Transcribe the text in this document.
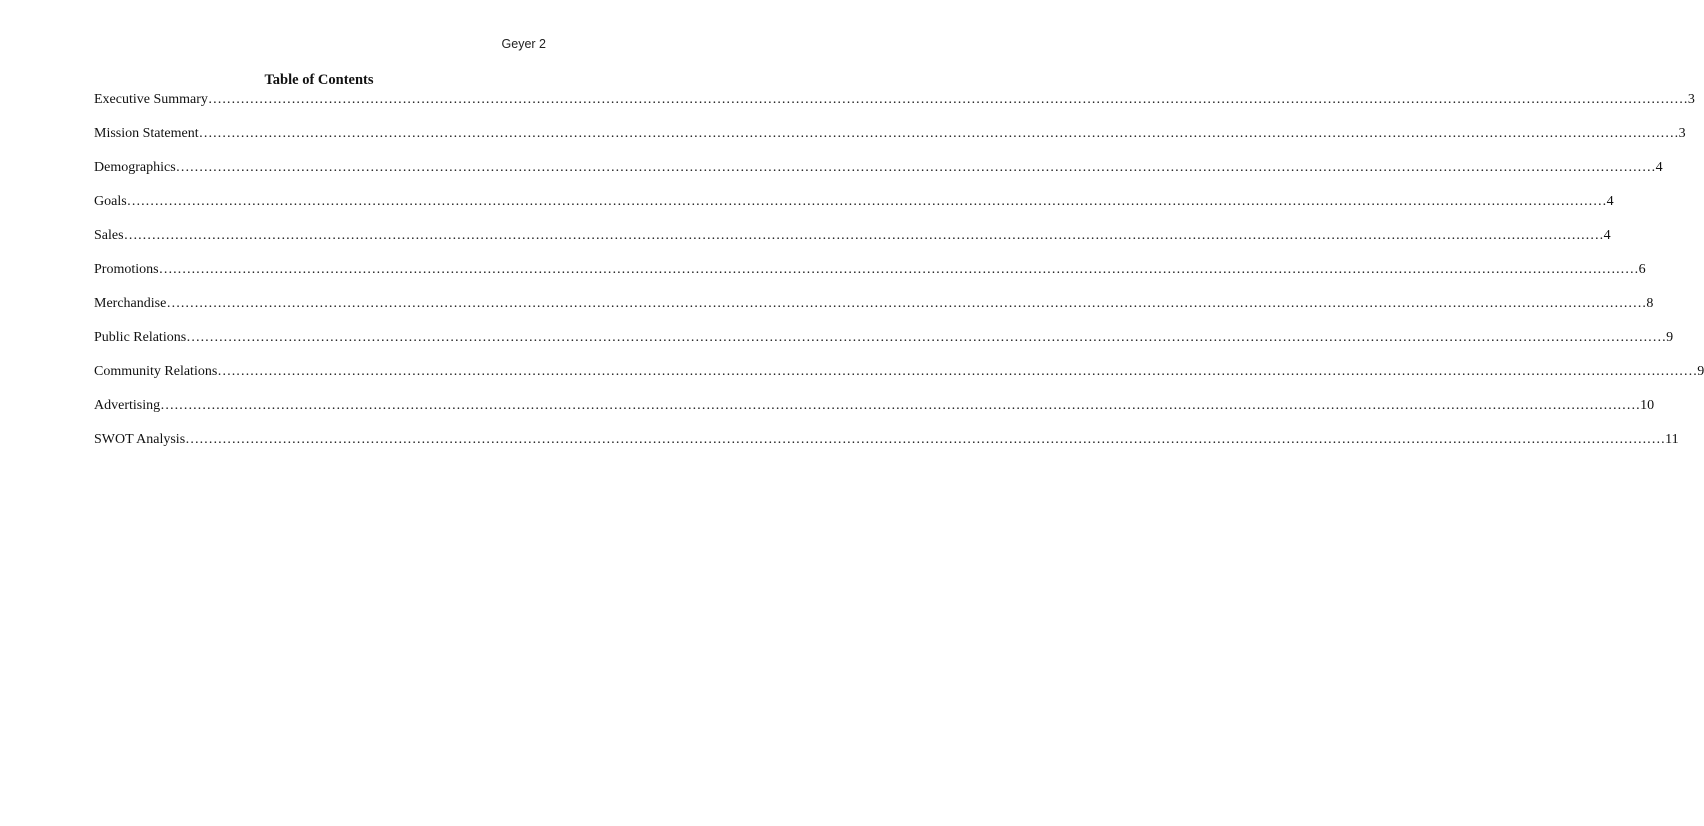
Geyer 2
Table of Contents
Executive Summary ….….….….….….….….….….….….….….….….….….….….….….….….….….….….….….….….….….….….….….….….….….….….….….….….….….….….….….….….….….….….….….….….….….….….….….….….….….….….….….….…. 3
Mission Statement ….….….….….….….….….….….….….….….….….….….….….….….….….….….….….….….….….….….….….….….….….….….….….….….….….….….….….….….….….….….….….….….….….….….….….….….….….….….….….….….…. 3
Demographics ….….….….….….….….….….….….….….….….….….….….….….….….….….….….….….….….….….….….….….….….….….….….….….….….….….….….….….….….….….….….….….….….….….….….….….….….….….….….….….….…. 4
Goals ….….….….….….….….….….….….….….….….….….….….….….….….….….….….….….….….….….….….….….….….….….….….….….….….….….….….….….….….….….….….….….….….….….….….….….….….….….….….….….….…. 4
Sales ….….….….….….….….….….….….….….….….….….….….….….….….….….….….….….….….….….….….….….….….….….….….….….….….….….….….….….….….….….….….….….….….….….….….….….….….….….….….….….….…. 4
Promotions ….….….….….….….….….….….….….….….….….….….….….….….….….….….….….….….….….….….….….….….….….….….….….….….….….….….….….….….….….….….….….….….….….….….….….….….….….….….….….….….…. 6
Merchandise ….….….….….….….….….….….….….….….….….….….….….….….….….….….….….….….….….….….….….….….….….….….….….….….….….….….….….….….….….….….….….….….….….….….….….….….….….….….….….….….…. 8
Public Relations ….….….….….….….….….….….….….….….….….….….….….….….….….….….….….….….….….….….….….….….….….….….….….….….….….….….….….….….….….….….….….….….….….….….….….….….….….….….….….….….…. 9
Community Relations ….….….….….….….….….….….….….….….….….….….….….….….….….….….….….….….….….….….….….….….….….….….….….….….….….….….….….….….….….….….….….….….….….….….….….….….….….….….….….….….…. 9
Advertising ….….….….….….….….….….….….….….….….….….….….….….….….….….….….….….….….….….….….….….….….….….….….….….….….….….….….….….….….….….….….….….….….….….….….….….….….….….….….….….….…. 10
SWOT Analysis ….….….….….….….….….….….….….….….….….….….….….….….….….….….….….….….….….….….….….….….….….….….….….….….….….….….….….….….….….….….….….….….….….….….….….….….….….….….….….….….…. 11
